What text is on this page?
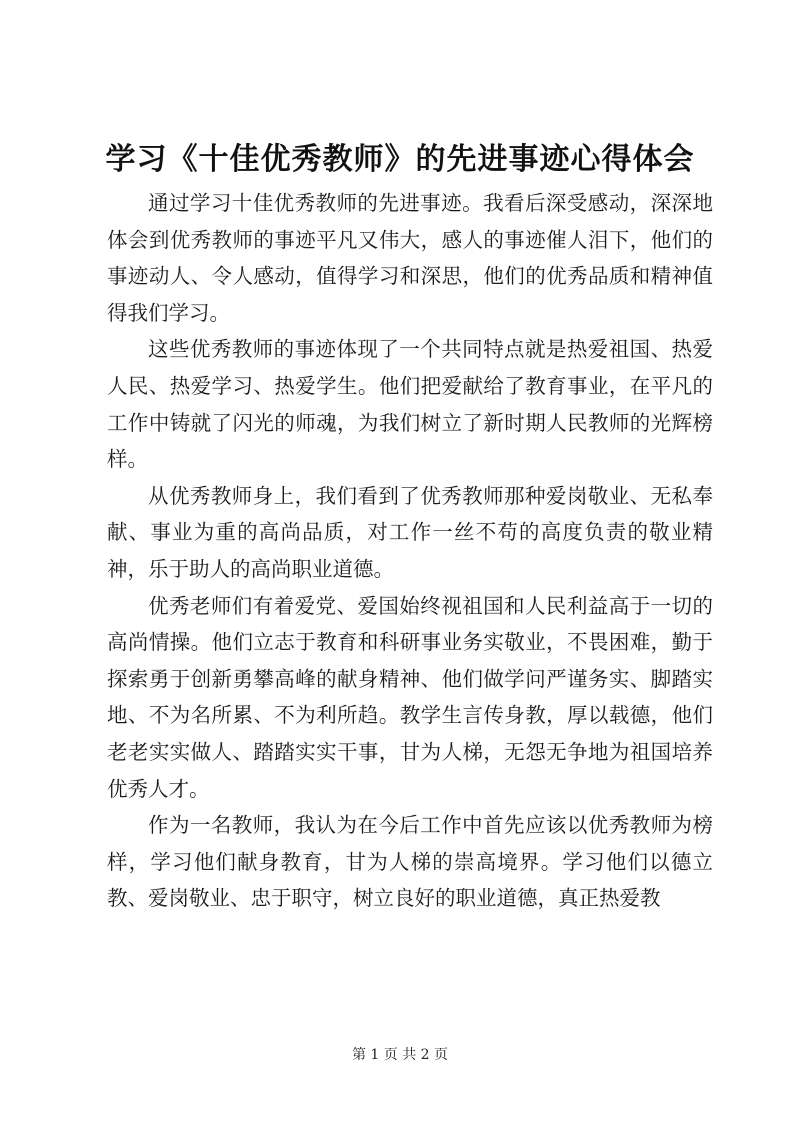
学习《十佳优秀教师》的先进事迹心得体会

通过学习十佳优秀教师的先进事迹。我看后深受感动，深深地体会到优秀教师的事迹平凡又伟大，感人的事迹催人泪下，他们的事迹动人、令人感动，值得学习和深思，他们的优秀品质和精神值得我们学习。

这些优秀教师的事迹体现了一个共同特点就是热爱祖国、热爱人民、热爱学习、热爱学生。他们把爱献给了教育事业，在平凡的工作中铸就了闪光的师魂，为我们树立了新时期人民教师的光辉榜样。

从优秀教师身上，我们看到了优秀教师那种爱岗敬业、无私奉献、事业为重的高尚品质，对工作一丝不苟的高度负责的敬业精神，乐于助人的高尚职业道德。

优秀老师们有着爱党、爱国始终视祖国和人民利益高于一切的高尚情操。他们立志于教育和科研事业务实敬业，不畏困难，勤于探索勇于创新勇攀高峰的献身精神、他们做学问严谨务实、脚踏实地、不为名所累、不为利所趋。教学生言传身教，厚以载德，他们老老实实做人、踏踏实实干事，甘为人梯，无怨无争地为祖国培养优秀人才。

作为一名教师，我认为在今后工作中首先应该以优秀教师为榜样，学习他们献身教育，甘为人梯的崇高境界。学习他们以德立教、爱岗敬业、忠于职守，树立良好的职业道德，真正热爱教

第 1 页 共 2 页
